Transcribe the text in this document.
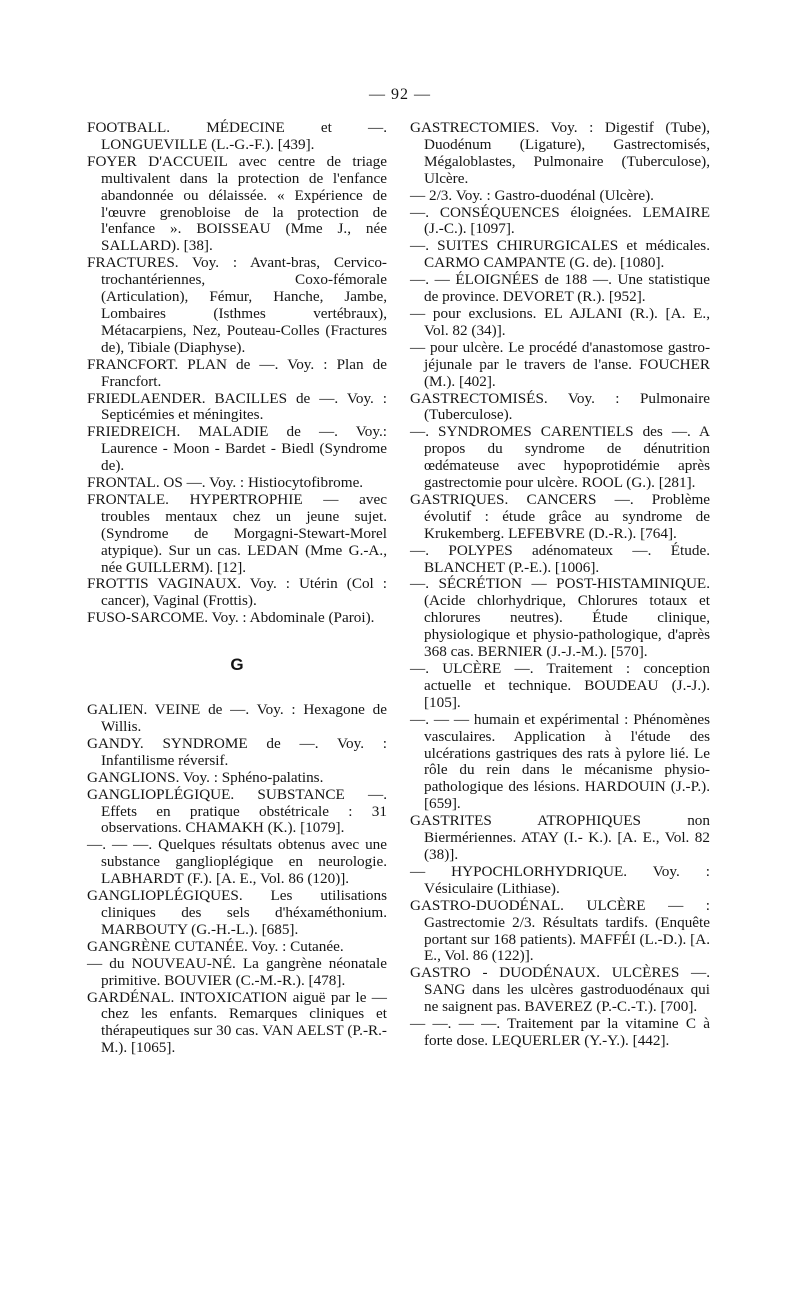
— 92 —

FOOTBALL. MÉDECINE et —. LONGUEVILLE (L.-G.-F.). [439].

FOYER D'ACCUEIL avec centre de triage multivalent dans la protection de l'enfance abandonnée ou délaissée. « Expérience de l'œuvre grenobloise de la protection de l'enfance ». BOISSEAU (Mme J., née SALLARD). [38].

FRACTURES. Voy. : Avant-bras, Cervico-trochantériennes, Coxo-fémorale (Articulation), Fémur, Hanche, Jambe, Lombaires (Isthmes vertébraux), Métacarpiens, Nez, Pouteau-Colles (Fractures de), Tibiale (Diaphyse).

FRANCFORT. PLAN de —. Voy. : Plan de Francfort.

FRIEDLAENDER. BACILLES de —. Voy. : Septicémies et méningites.

FRIEDREICH. MALADIE de —. Voy.: Laurence - Moon - Bardet - Biedl (Syndrome de).

FRONTAL. OS —. Voy. : Histiocytofibrome.

FRONTALE. HYPERTROPHIE — avec troubles mentaux chez un jeune sujet. (Syndrome de Morgagni-Stewart-Morel atypique). Sur un cas. LEDAN (Mme G.-A., née GUILLERM). [12].

FROTTIS VAGINAUX. Voy. : Utérin (Col : cancer), Vaginal (Frottis).

FUSO-SARCOME. Voy. : Abdominale (Paroi).

G

GALIEN. VEINE de —. Voy. : Hexagone de Willis.

GANDY. SYNDROME de —. Voy. : Infantilisme réversif.

GANGLIONS. Voy. : Sphéno-palatins.

GANGLIOPLÉGIQUE. SUBSTANCE —. Effets en pratique obstétricale : 31 observations. CHAMAKH (K.). [1079].

—. — —. Quelques résultats obtenus avec une substance ganglioplégique en neurologie. LABHARDT (F.). [A. E., Vol. 86 (120)].

GANGLIOPLÉGIQUES. Les utilisations cliniques des sels d'héxaméthonium. MARBOUTY (G.-H.-L.). [685].

GANGRÈNE CUTANÉE. Voy. : Cutanée.

— du NOUVEAU-NÉ. La gangrène néonatale primitive. BOUVIER (C.-M.-R.). [478].

GARDÉNAL. INTOXICATION aiguë par le — chez les enfants. Remarques cliniques et thérapeutiques sur 30 cas. VAN AELST (P.-R.-M.). [1065].

GASTRECTOMIES. Voy. : Digestif (Tube), Duodénum (Ligature), Gastrectomisés, Mégaloblastes, Pulmonaire (Tuberculose), Ulcère.

— 2/3. Voy. : Gastro-duodénal (Ulcère).

—. CONSÉQUENCES éloignées. LEMAIRE (J.-C.). [1097].

—. SUITES CHIRURGICALES et médicales. CARMO CAMPANTE (G. de). [1080].

—. — ÉLOIGNÉES de 188 —. Une statistique de province. DEVORET (R.). [952].

— pour exclusions. EL AJLANI (R.). [A. E., Vol. 82 (34)].

— pour ulcère. Le procédé d'anastomose gastro-jéjunale par le travers de l'anse. FOUCHER (M.). [402].

GASTRECTOMISÉS. Voy. : Pulmonaire (Tuberculose).

—. SYNDROMES CARENTIELS des —. A propos du syndrome de dénutrition œdémateuse avec hypoprotidémie après gastrectomie pour ulcère. ROOL (G.). [281].

GASTRIQUES. CANCERS —. Problème évolutif : étude grâce au syndrome de Krukemberg. LEFEBVRE (D.-R.). [764].

—. POLYPES adénomateux —. Étude. BLANCHET (P.-E.). [1006].

—. SÉCRÉTION — POST-HISTAMINIQUE. (Acide chlorhydrique, Chlorures totaux et chlorures neutres). Étude clinique, physiologique et physio-pathologique, d'après 368 cas. BERNIER (J.-J.-M.). [570].

—. ULCÈRE —. Traitement : conception actuelle et technique. BOUDEAU (J.-J.). [105].

—. — — humain et expérimental : Phénomènes vasculaires. Application à l'étude des ulcérations gastriques des rats à pylore lié. Le rôle du rein dans le mécanisme physio-pathologique des lésions. HARDOUIN (J.-P.). [659].

GASTRITES ATROPHIQUES non Biermériennes. ATAY (I.- K.). [A. E., Vol. 82 (38)].

— HYPOCHLORHYDRIQUE. Voy. : Vésiculaire (Lithiase).

GASTRO-DUODÉNAL. ULCÈRE — : Gastrectomie 2/3. Résultats tardifs. (Enquête portant sur 168 patients). MAFFÉI (L.-D.). [A. E., Vol. 86 (122)].

GASTRO - DUODÉNAUX. ULCÈRES —. SANG dans les ulcères gastroduodénaux qui ne saignent pas. BAVEREZ (P.-C.-T.). [700].

— —. — —. Traitement par la vitamine C à forte dose. LEQUERLER (Y.-Y.). [442].
